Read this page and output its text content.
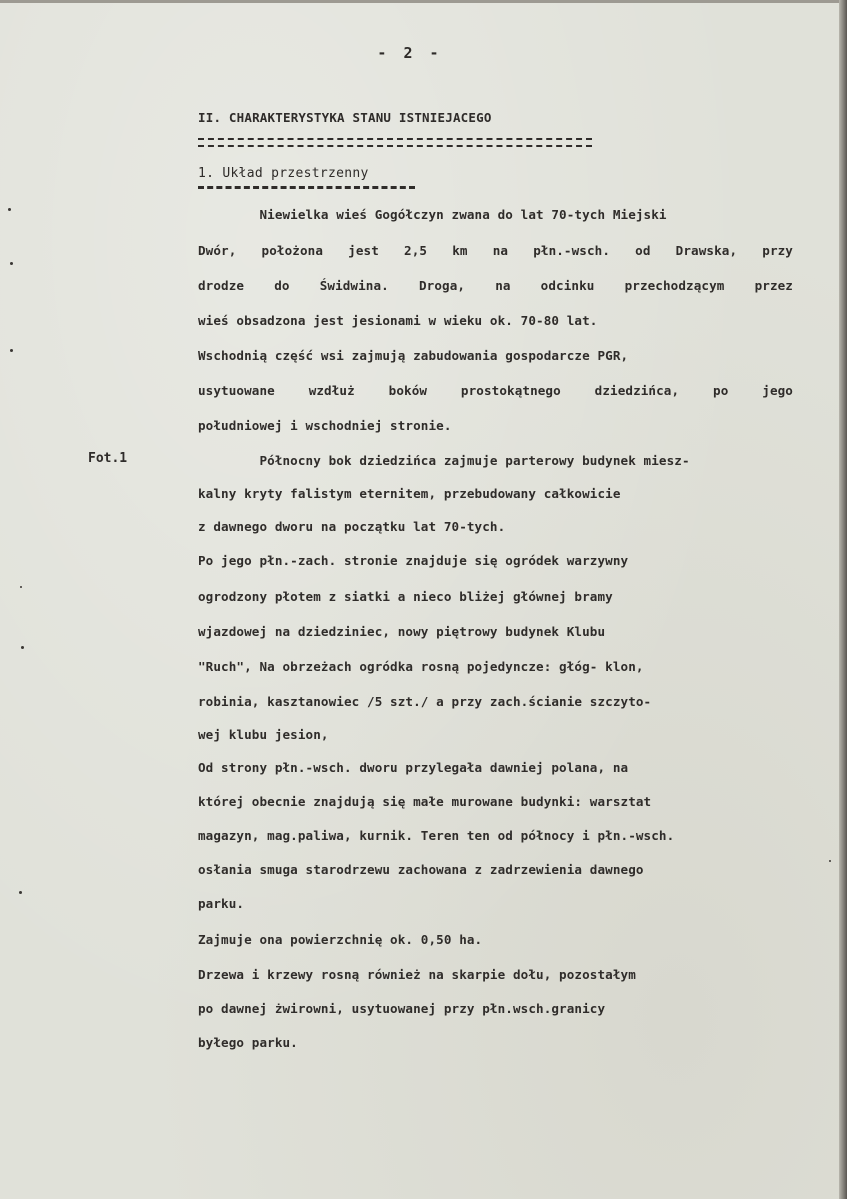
- 2 -
II. CHARAKTERYSTYKA STANU ISTNIEJACEGO
1. Układ przestrzenny
Fot.1
Niewielka wieś Gogółczyn zwana do lat 70-tych Miejski
Dwór, położona jest 2,5 km na płn.-wsch. od Drawska, przy
drodze do Świdwina. Droga, na odcinku przechodzącym przez
wieś obsadzona jest jesionami w wieku ok. 70-80 lat.
Wschodnią część wsi zajmują zabudowania gospodarcze PGR,
usytuowane wzdłuż boków prostokątnego dziedzińca, po jego
południowej i wschodniej stronie.
Północny bok dziedzińca zajmuje parterowy budynek miesz-
kalny kryty falistym eternitem, przebudowany całkowicie
z dawnego dworu na początku lat 70-tych.
Po jego płn.-zach. stronie znajduje się ogródek warzywny
ogrodzony płotem z siatki a nieco bliżej głównej bramy
wjazdowej na dziedziniec, nowy piętrowy budynek Klubu
"Ruch", Na obrzeżach ogródka rosną pojedyncze: głóg- klon,
robinia, kasztanowiec /5 szt./ a przy zach.ścianie szczyto-
wej klubu jesion,
Od strony płn.-wsch. dworu przylegała dawniej polana, na
której obecnie znajdują się małe murowane budynki: warsztat
magazyn, mag.paliwa, kurnik. Teren ten od północy i płn.-wsch.
osłania smuga starodrzewu zachowana z zadrzewienia dawnego
parku.
Zajmuje ona powierzchnię ok. 0,50 ha.
Drzewa i krzewy rosną również na skarpie dołu, pozostałym
po dawnej żwirowni, usytuowanej przy płn.wsch.granicy
byłego parku.
